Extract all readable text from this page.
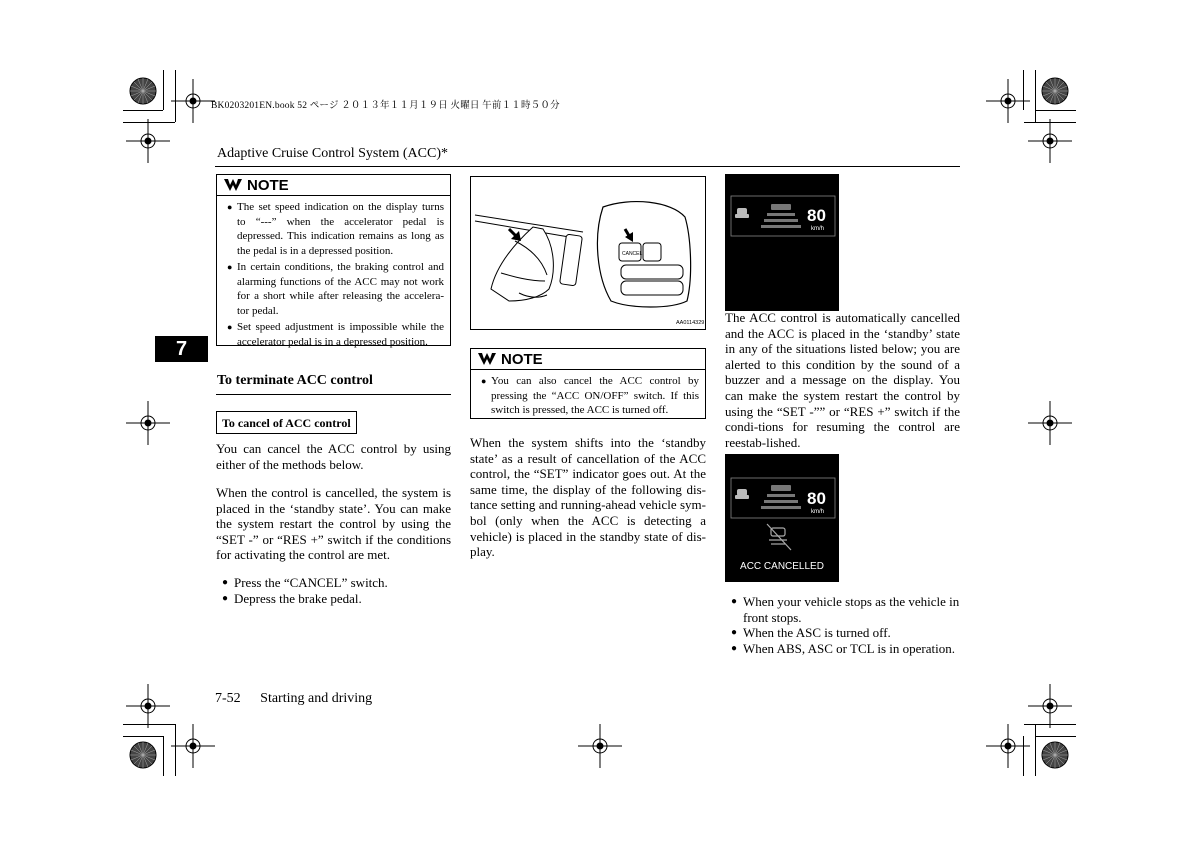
BK0203201EN.book 52 ページ ２０１３年１１月１９日 火曜日 午前１１時５０分
Adaptive Cruise Control System (ACC)*
7
NOTE
● The set speed indication on the display turns to “---” when the accelerator pedal is depressed. This indication remains as long as the pedal is in a depressed position.
● In certain conditions, the braking control and alarming functions of the ACC may not work for a short while after releasing the accelera-tor pedal.
● Set speed adjustment is impossible while the accelerator pedal is in a depressed position.
To terminate ACC control
To cancel of ACC control

You can cancel the ACC control by using either of the methods below.

When the control is cancelled, the system is placed in the ‘standby state’. You can make the system restart the control by using the “SET -” or “RES +” switch if the conditions for activating the control are met.

● Press the “CANCEL” switch.
● Depress the brake pedal.
CANCEL
AA0114329
NOTE
● You can also cancel the ACC control by pressing the “ACC ON/OFF” switch. If this switch is pressed, the ACC is turned off.

When the system shifts into the ‘standby state’ as a result of cancellation of the ACC control, the “SET” indicator goes out. At the same time, the display of the following dis-tance setting and running-ahead vehicle sym-bol (only when the ACC is detecting a vehicle) is placed in the standby state of dis-play.

80
km/h

The ACC control is automatically cancelled and the ACC is placed in the ‘standby’ state in any of the situations listed below; you are alerted to this condition by the sound of a buzzer and a message on the display. You can make the system restart the control by using the “SET -”” or “RES +” switch if the condi-tions for resuming the control are reestab-lished.

80
km/h
ACC CANCELLED
● When your vehicle stops as the vehicle in front stops.
● When the ASC is turned off.
● When ABS, ASC or TCL is in operation.
7-52 Starting and driving
